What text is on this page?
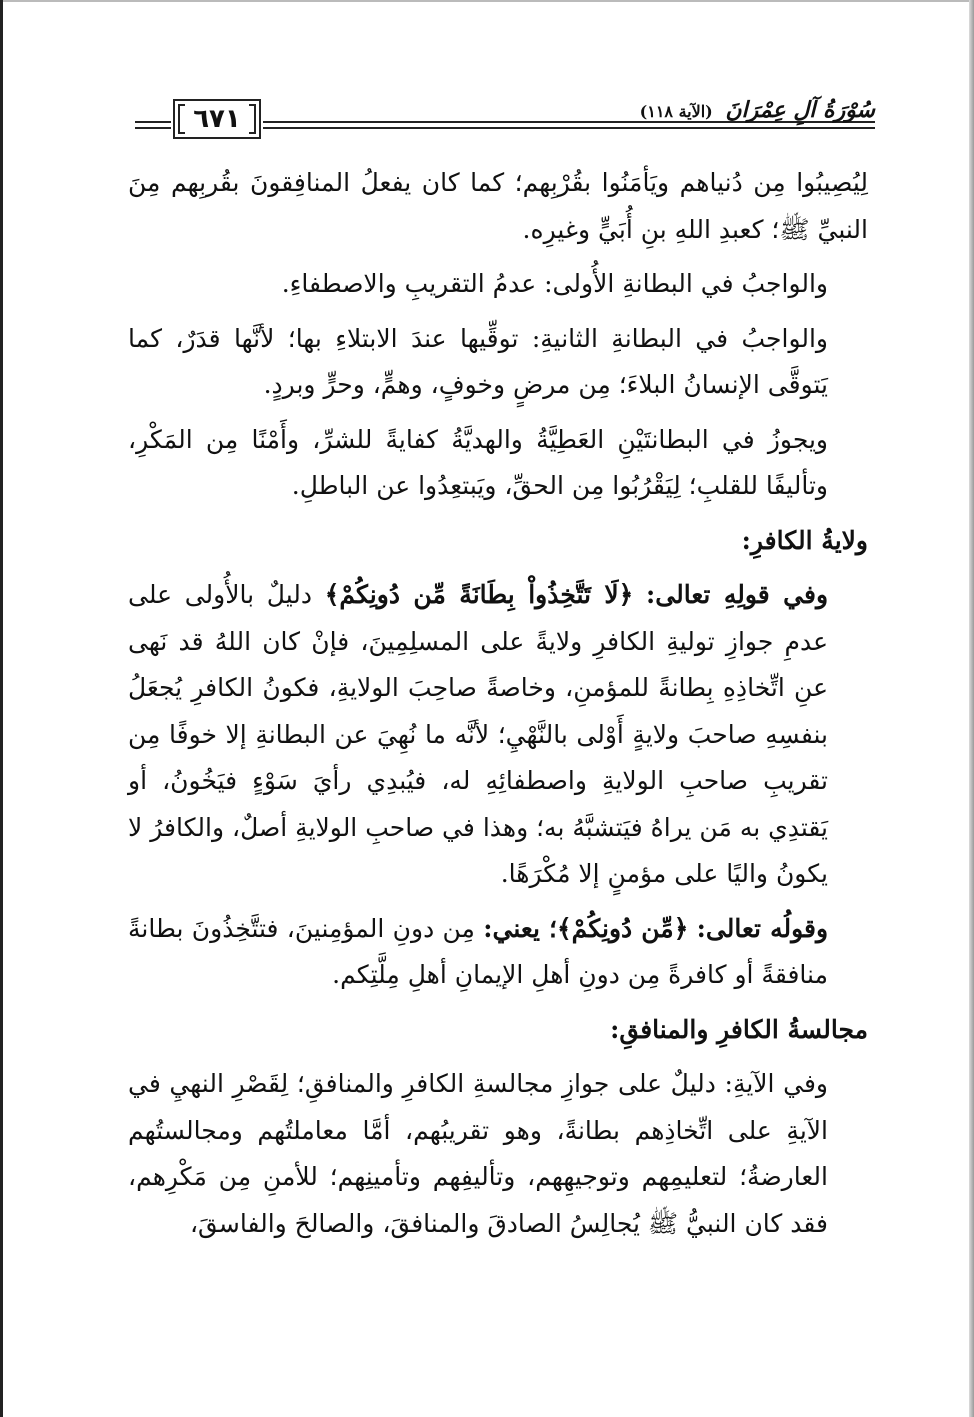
٦٧١	سُوْرَةُ آلِ عِمْرَانَ (الآية ١١٨)

لِيُصِيبُوا مِن دُنياهم ويَأمَنُوا بقُرْبِهم؛ كما كان يفعلُ المنافِقونَ بقُربِهم مِنَ النبيِّ ﷺ؛ كعبدِ اللهِ بنِ أُبَيٍّ وغيرِه.

والواجبُ في البطانةِ الأُولى: عدمُ التقريبِ والاصطفاءِ.

والواجبُ في البطانةِ الثانيةِ: توقِّيها عندَ الابتلاءِ بها؛ لأنَّها قدَرٌ، كما يَتوقَّى الإنسانُ البلاءَ؛ مِن مرضٍ وخوفٍ، وهمٍّ، وحرٍّ وبردٍ.

ويجوزُ في البطانتَيْنِ العَطِيَّةُ والهديَّةُ كفايةً للشرِّ، وأَمْنًا مِن المَكْرِ، وتأليفًا للقلبِ؛ لِيَقْرُبُوا مِن الحقِّ، ويَبتعِدُوا عن الباطلِ.

ولايةُ الكافرِ:

وفي قولِهِ تعالى: ﴿لَا تَتَّخِذُواْ بِطَانَةً مِّن دُونِكُمْ﴾ دليلٌ بالأُولى على عدمِ جوازِ توليةِ الكافرِ ولايةً على المسلِمِينَ، فإنْ كان اللهُ قد نَهى عنِ اتِّخاذِهِ بِطانةً للمؤمنِ، وخاصةً صاحِبَ الولايةِ، فكونُ الكافرِ يُجعَلُ بنفسِهِ صاحبَ ولايةٍ أَوْلى بالنَّهْيِ؛ لأنَّه ما نُهِيَ عن البطانةِ إلا خوفًا مِن تقريبِ صاحبِ الولايةِ واصطفائِهِ له، فيُبدِي رأيَ سَوْءٍ فيَخُونُ، أو يَقتدِي به مَن يراهُ فيَتشبَّهُ به؛ وهذا في صاحبِ الولايةِ أصلٌ، والكافرُ لا يكونُ واليًا على مؤمنٍ إلا مُكْرَهًا.

وقولُه تعالى: ﴿مِّن دُونِكُمْ﴾؛ يعني: مِن دونِ المؤمِنينَ، فتتَّخِذُونَ بطانةً منافقةً أو كافرةً مِن دونِ أهلِ الإيمانِ أهلِ مِلَّتِكم.

مجالسةُ الكافرِ والمنافقِ:

وفي الآيةِ: دليلٌ على جوازِ مجالسةِ الكافرِ والمنافقِ؛ لِقَصْرِ النهيِ في الآيةِ على اتِّخاذِهم بطانةً، وهو تقريبُهم، أمَّا معاملتُهم ومجالستُهم العارضةُ؛ لتعليمِهم وتوجيهِهم، وتأليفِهم وتأمينِهم؛ للأمنِ مِن مَكْرِهم، فقد كان النبيُّ ﷺ يُجالِسُ الصادقَ والمنافقَ، والصالحَ والفاسقَ،
